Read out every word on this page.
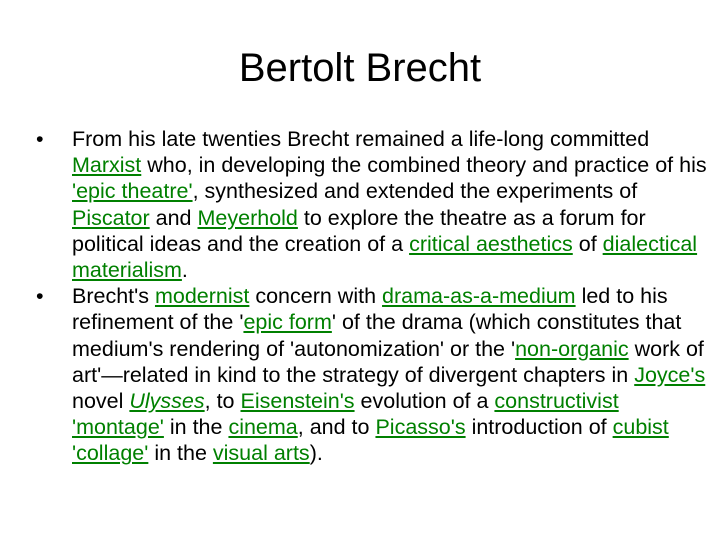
Bertolt Brecht
•	From his late twenties Brecht remained a life-long committed Marxist who, in developing the combined theory and practice of his 'epic theatre', synthesized and extended the experiments of Piscator and Meyerhold to explore the theatre as a forum for political ideas and the creation of a critical aesthetics of dialectical materialism.
•	Brecht's modernist concern with drama-as-a-medium led to his refinement of the 'epic form' of the drama (which constitutes that medium's rendering of 'autonomization' or the 'non-organic work of art'—related in kind to the strategy of divergent chapters in Joyce's novel Ulysses, to Eisenstein's evolution of a constructivist 'montage' in the cinema, and to Picasso's introduction of cubist 'collage' in the visual arts).
